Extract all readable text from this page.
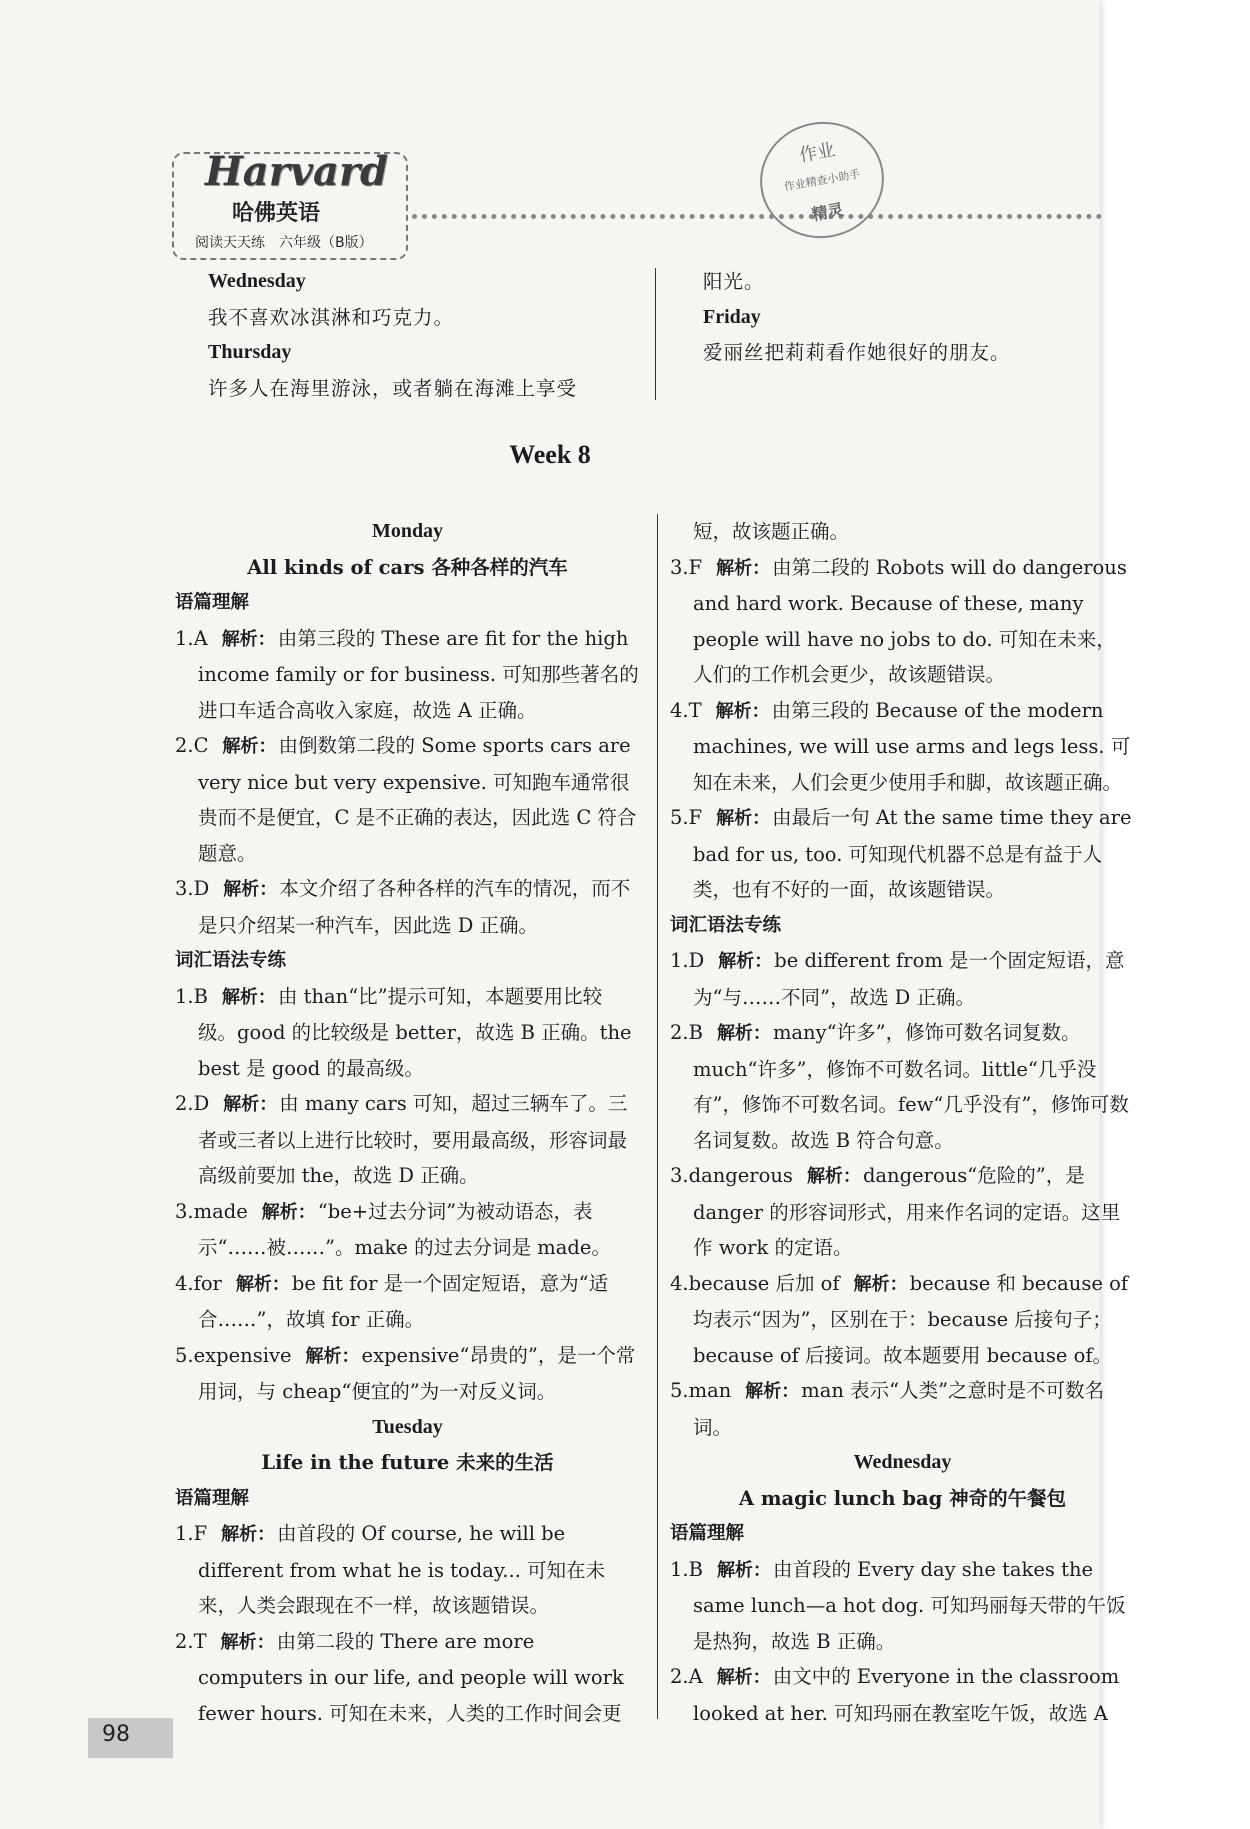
Harvard
哈佛英语
阅读天天练　六年级（B版）
作业
作业精查小助手
精灵

Wednesday

我不喜欢冰淇淋和巧克力。

Thursday

许多人在海里游泳，或者躺在海滩上享受

阳光。

Friday

爱丽丝把莉莉看作她很好的朋友。

Week 8

Monday

All kinds of cars 各种各样的汽车

语篇理解

1.A 解析： 由第三段的 These are fit for the high income family or for business. 可知那些著名的进口车适合高收入家庭，故选 A 正确。

2.C 解析： 由倒数第二段的 Some sports cars are very nice but very expensive. 可知跑车通常很贵而不是便宜，C 是不正确的表达，因此选 C 符合题意。

3.D 解析： 本文介绍了各种各样的汽车的情况，而不是只介绍某一种汽车，因此选 D 正确。

词汇语法专练

1.B 解析： 由 than“比”提示可知，本题要用比较级。good 的比较级是 better，故选 B 正确。the best 是 good 的最高级。

2.D 解析： 由 many cars 可知，超过三辆车了。三者或三者以上进行比较时，要用最高级，形容词最高级前要加 the，故选 D 正确。

3.made 解析： “be+过去分词”为被动语态，表示“……被……”。make 的过去分词是 made。

4.for 解析： be fit for 是一个固定短语，意为“适合……”，故填 for 正确。

5.expensive 解析： expensive“昂贵的”，是一个常用词，与 cheap“便宜的”为一对反义词。

Tuesday

Life in the future 未来的生活

语篇理解

1.F 解析： 由首段的 Of course, he will be different from what he is today... 可知在未来，人类会跟现在不一样，故该题错误。

2.T 解析： 由第二段的 There are more computers in our life, and people will work fewer hours. 可知在未来，人类的工作时间会更

短，故该题正确。

3.F 解析： 由第二段的 Robots will do dangerous and hard work. Because of these, many people will have no jobs to do. 可知在未来，人们的工作机会更少，故该题错误。

4.T 解析： 由第三段的 Because of the modern machines, we will use arms and legs less. 可知在未来，人们会更少使用手和脚，故该题正确。

5.F 解析： 由最后一句 At the same time they are bad for us, too. 可知现代机器不总是有益于人类，也有不好的一面，故该题错误。

词汇语法专练

1.D 解析： be different from 是一个固定短语，意为“与……不同”，故选 D 正确。

2.B 解析： many“许多”，修饰可数名词复数。much“许多”，修饰不可数名词。little“几乎没有”，修饰不可数名词。few“几乎没有”，修饰可数名词复数。故选 B 符合句意。

3.dangerous 解析： dangerous“危险的”，是 danger 的形容词形式，用来作名词的定语。这里作 work 的定语。

4.because 后加 of 解析： because 和 because of 均表示“因为”，区别在于：because 后接句子；because of 后接词。故本题要用 because of。

5.man 解析： man 表示“人类”之意时是不可数名词。

Wednesday

A magic lunch bag 神奇的午餐包

语篇理解

1.B 解析： 由首段的 Every day she takes the same lunch—a hot dog. 可知玛丽每天带的午饭是热狗，故选 B 正确。

2.A 解析： 由文中的 Everyone in the classroom looked at her. 可知玛丽在教室吃午饭，故选 A

98
